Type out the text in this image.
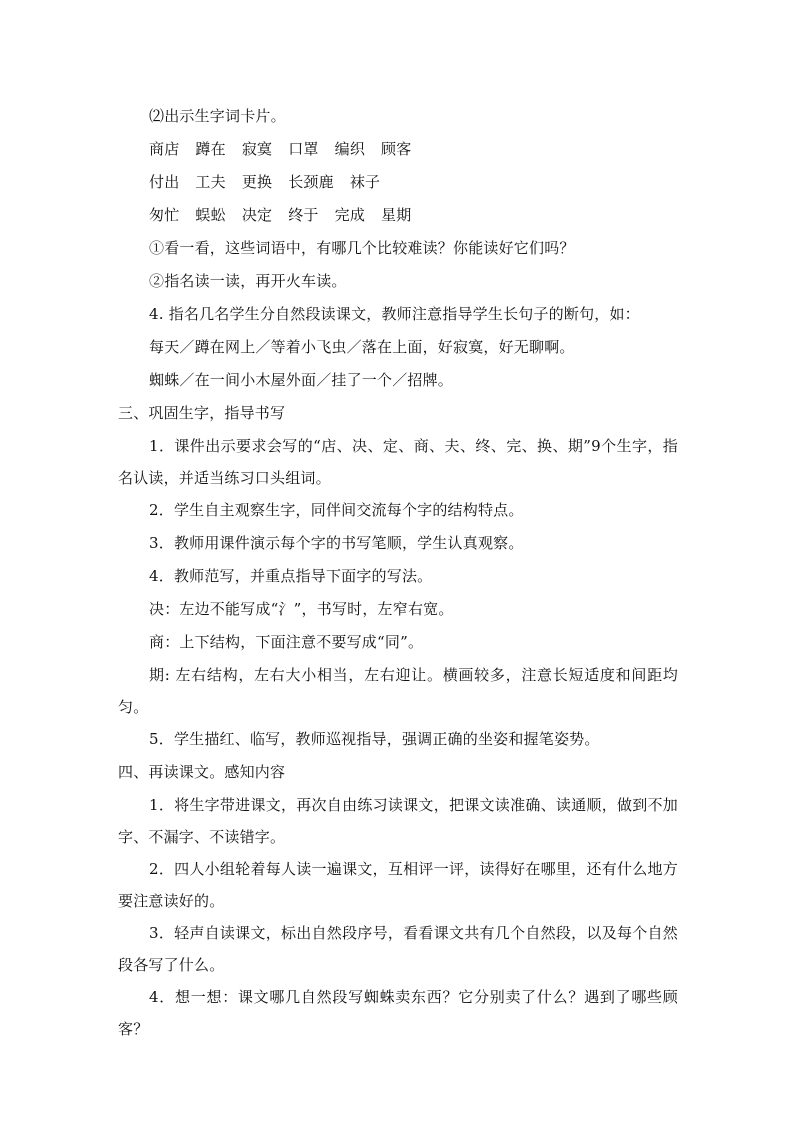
⑵出示生字词卡片。
商店 蹲在 寂寞 口罩 编织 顾客
付出 工夫 更换 长颈鹿 袜子
匆忙 蜈蚣 决定 终于 完成 星期
①看一看，这些词语中，有哪几个比较难读？你能读好它们吗？
②指名读一读，再开火车读。
4. 指名几名学生分自然段读课文，教师注意指导学生长句子的断句，如：
每天／蹲在网上／等着小飞虫／落在上面，好寂寞，好无聊啊。
蜘蛛／在一间小木屋外面／挂了一个／招牌。
三、巩固生字，指导书写
1．课件出示要求会写的“店、决、定、商、夫、终、完、换、期”9个生字，指名认读，并适当练习口头组词。
2．学生自主观察生字，同伴间交流每个字的结构特点。
3．教师用课件演示每个字的书写笔顺，学生认真观察。
4．教师范写，并重点指导下面字的写法。
决：左边不能写成“氵”，书写时，左窄右宽。
商：上下结构，下面注意不要写成“同”。
期: 左右结构，左右大小相当，左右迎让。横画较多，注意长短适度和间距均匀。
5．学生描红、临写，教师巡视指导，强调正确的坐姿和握笔姿势。
四、再读课文。感知内容
1．将生字带进课文，再次自由练习读课文，把课文读准确、读通顺，做到不加字、不漏字、不读错字。
2．四人小组轮着每人读一遍课文，互相评一评，读得好在哪里，还有什么地方要注意读好的。
3．轻声自读课文，标出自然段序号，看看课文共有几个自然段，以及每个自然段各写了什么。
4．想一想：课文哪几自然段写蜘蛛卖东西？它分别卖了什么？遇到了哪些顾客？
